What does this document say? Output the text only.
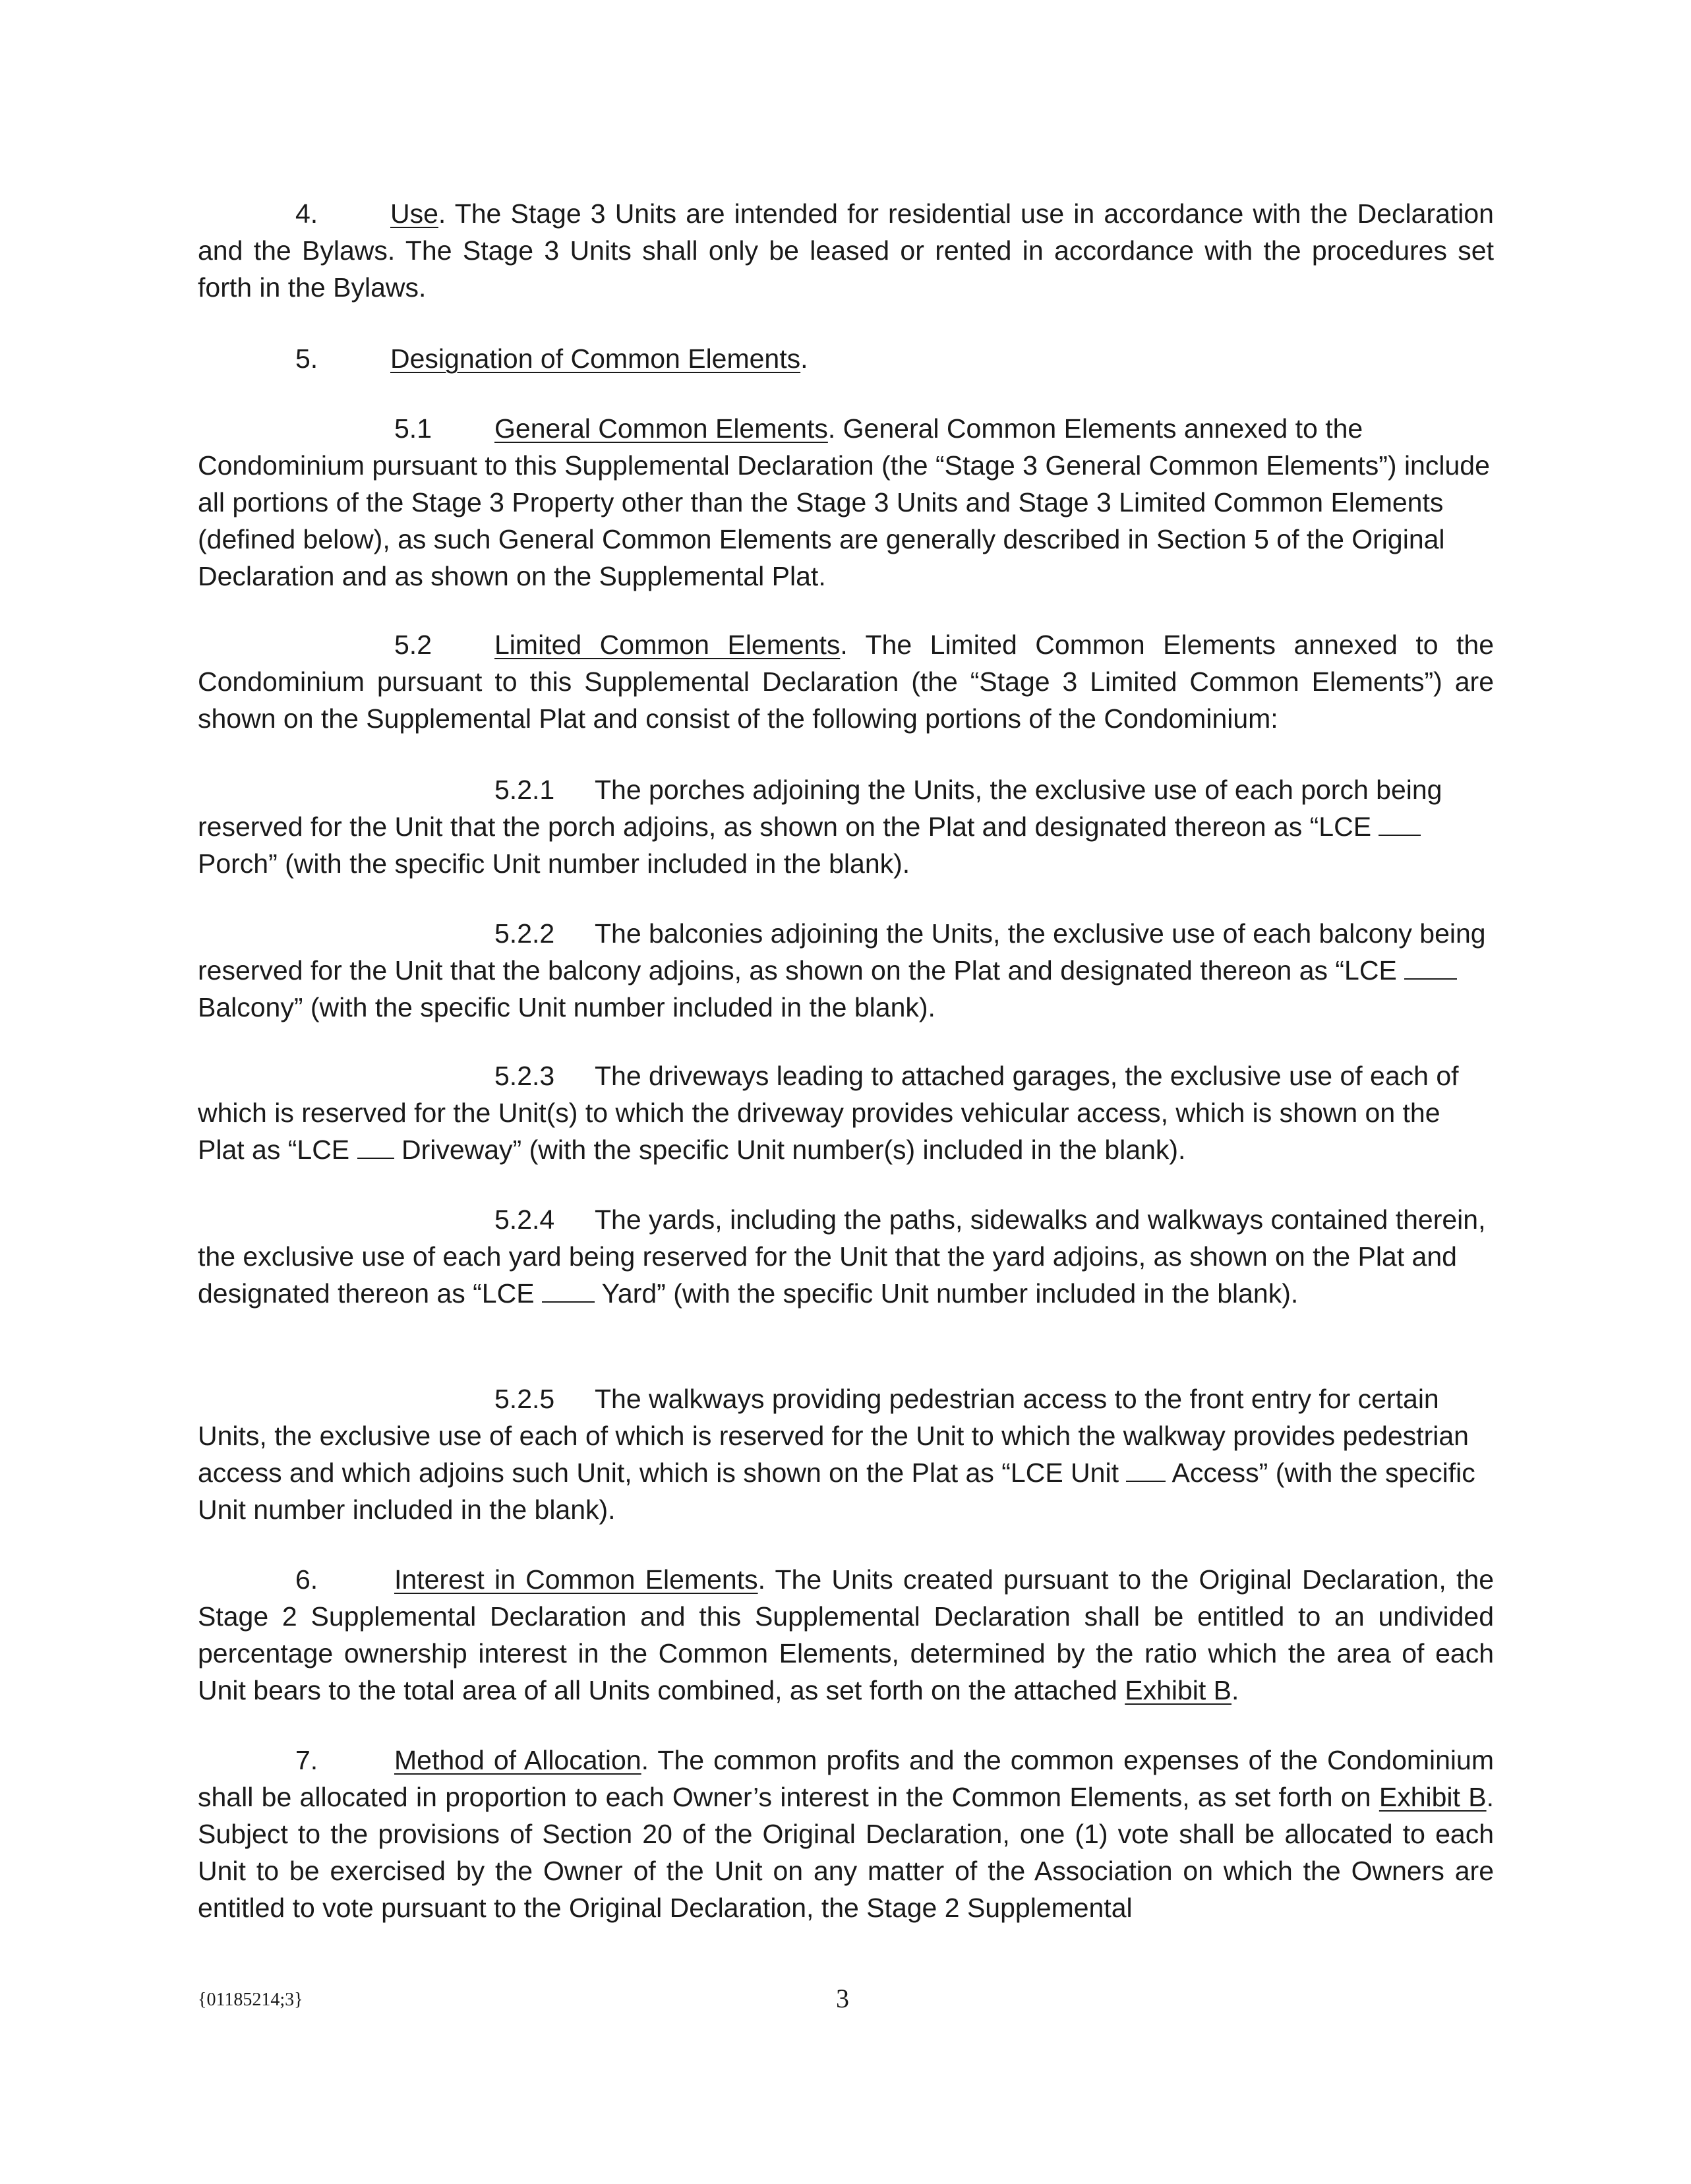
4.	Use. The Stage 3 Units are intended for residential use in accordance with the Declaration and the Bylaws. The Stage 3 Units shall only be leased or rented in accordance with the procedures set forth in the Bylaws.

5.	Designation of Common Elements.

5.1 General Common Elements. General Common Elements annexed to the Condominium pursuant to this Supplemental Declaration (the “Stage 3 General Common Elements”) include all portions of the Stage 3 Property other than the Stage 3 Units and Stage 3 Limited Common Elements (defined below), as such General Common Elements are generally described in Section 5 of the Original Declaration and as shown on the Supplemental Plat.

5.2 Limited Common Elements. The Limited Common Elements annexed to the Condominium pursuant to this Supplemental Declaration (the “Stage 3 Limited Common Elements”) are shown on the Supplemental Plat and consist of the following portions of the Condominium:

5.2.1 The porches adjoining the Units, the exclusive use of each porch being reserved for the Unit that the porch adjoins, as shown on the Plat and designated thereon as “LCE  Porch” (with the specific Unit number included in the blank).

5.2.2 The balconies adjoining the Units, the exclusive use of each balcony being reserved for the Unit that the balcony adjoins, as shown on the Plat and designated thereon as “LCE  Balcony” (with the specific Unit number included in the blank).

5.2.3 The driveways leading to attached garages, the exclusive use of each of which is reserved for the Unit(s) to which the driveway provides vehicular access, which is shown on the Plat as “LCE Driveway” (with the specific Unit number(s) included in the blank).

5.2.4 The yards, including the paths, sidewalks and walkways contained therein, the exclusive use of each yard being reserved for the Unit that the yard adjoins, as shown on the Plat and designated thereon as “LCE Yard” (with the specific Unit number included in the blank).

5.2.5 The walkways providing pedestrian access to the front entry for certain Units, the exclusive use of each of which is reserved for the Unit to which the walkway provides pedestrian access and which adjoins such Unit, which is shown on the Plat as “LCE Unit Access” (with the specific Unit number included in the blank).

6.	Interest in Common Elements. The Units created pursuant to the Original Declaration, the Stage 2 Supplemental Declaration and this Supplemental Declaration shall be entitled to an undivided percentage ownership interest in the Common Elements, determined by the ratio which the area of each Unit bears to the total area of all Units combined, as set forth on the attached Exhibit B.

7.	Method of Allocation. The common profits and the common expenses of the Condominium shall be allocated in proportion to each Owner’s interest in the Common Elements, as set forth on Exhibit B. Subject to the provisions of Section 20 of the Original Declaration, one (1) vote shall be allocated to each Unit to be exercised by the Owner of the Unit on any matter of the Association on which the Owners are entitled to vote pursuant to the Original Declaration, the Stage 2 Supplemental

{01185214;3}	3
